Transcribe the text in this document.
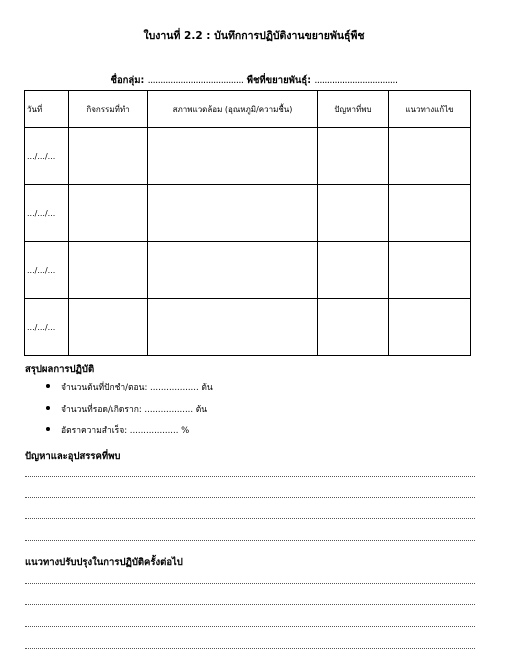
ใบงานที่ 2.2 : บันทึกการปฏิบัติงานขยายพันธุ์พืช
ชื่อกลุ่ม: ...................................... พืชที่ขยายพันธุ์: .................................
วันที่	กิจกรรมที่ทำ	สภาพแวดล้อม (อุณหภูมิ/ความชื้น)	ปัญหาที่พบ	แนวทางแก้ไข
.../.../...				
.../.../...				
.../.../...				
.../.../...				
สรุปผลการปฏิบัติ
จำนวนต้นที่ปักชำ/ตอน: .................. ต้น
จำนวนที่รอด/เกิดราก: .................. ต้น
อัตราความสำเร็จ: .................. %
ปัญหาและอุปสรรคที่พบ
แนวทางปรับปรุงในการปฏิบัติครั้งต่อไป
